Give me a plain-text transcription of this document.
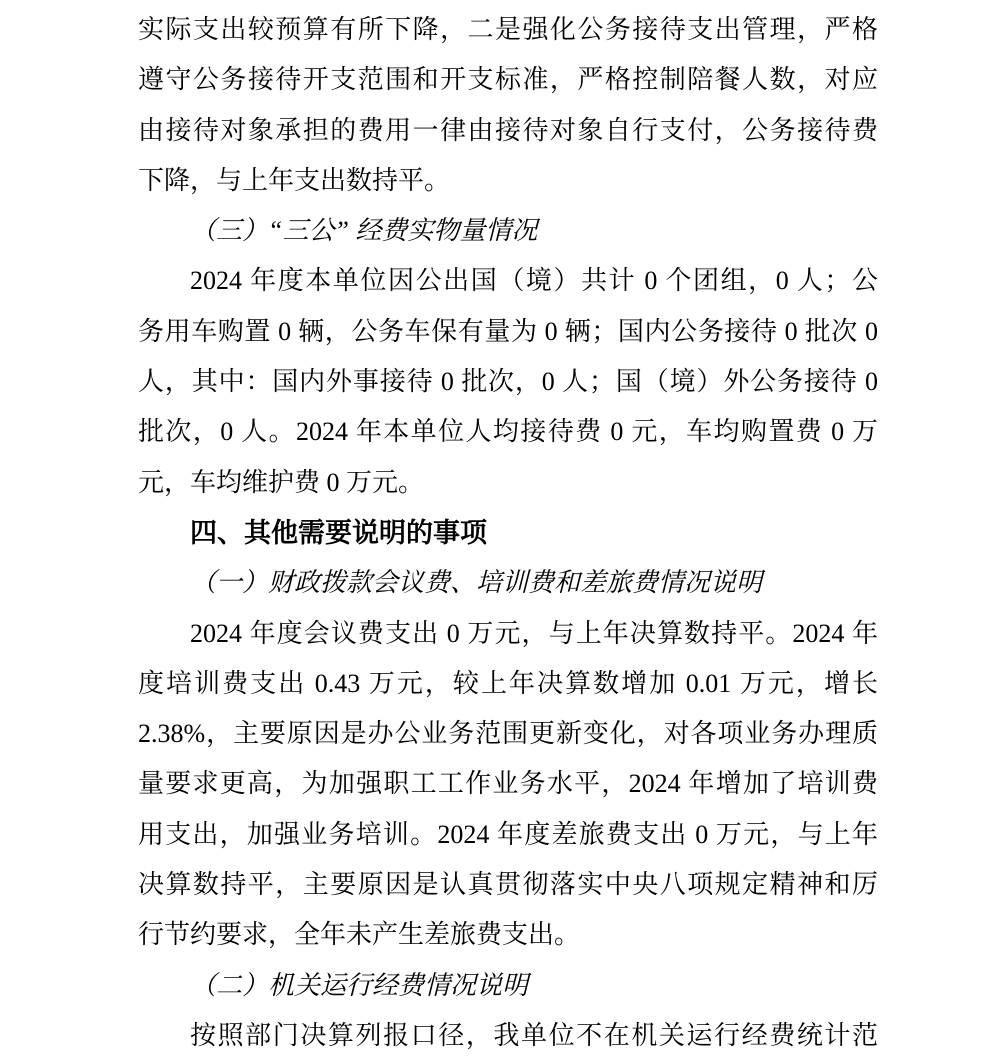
实际支出较预算有所下降，二是强化公务接待支出管理，严格
遵守公务接待开支范围和开支标准，严格控制陪餐人数，对应
由接待对象承担的费用一律由接待对象自行支付，公务接待费
下降，与上年支出数持平。
（三）“三公” 经费实物量情况
2024 年度本单位因公出国（境）共计 0 个团组，0 人；公
务用车购置 0 辆，公务车保有量为 0 辆；国内公务接待 0 批次 0
人，其中：国内外事接待 0 批次，0 人；国（境）外公务接待 0
批次，0 人。2024 年本单位人均接待费 0 元，车均购置费 0 万
元，车均维护费 0 万元。
四、其他需要说明的事项
（一）财政拨款会议费、培训费和差旅费情况说明
2024 年度会议费支出 0 万元，与上年决算数持平。2024 年
度培训费支出 0.43 万元，较上年决算数增加 0.01 万元，增长
2.38%，主要原因是办公业务范围更新变化，对各项业务办理质
量要求更高，为加强职工工作业务水平，2024 年增加了培训费
用支出，加强业务培训。2024 年度差旅费支出 0 万元，与上年
决算数持平，主要原因是认真贯彻落实中央八项规定精神和厉
行节约要求，全年未产生差旅费支出。
（二）机关运行经费情况说明
按照部门决算列报口径，我单位不在机关运行经费统计范
